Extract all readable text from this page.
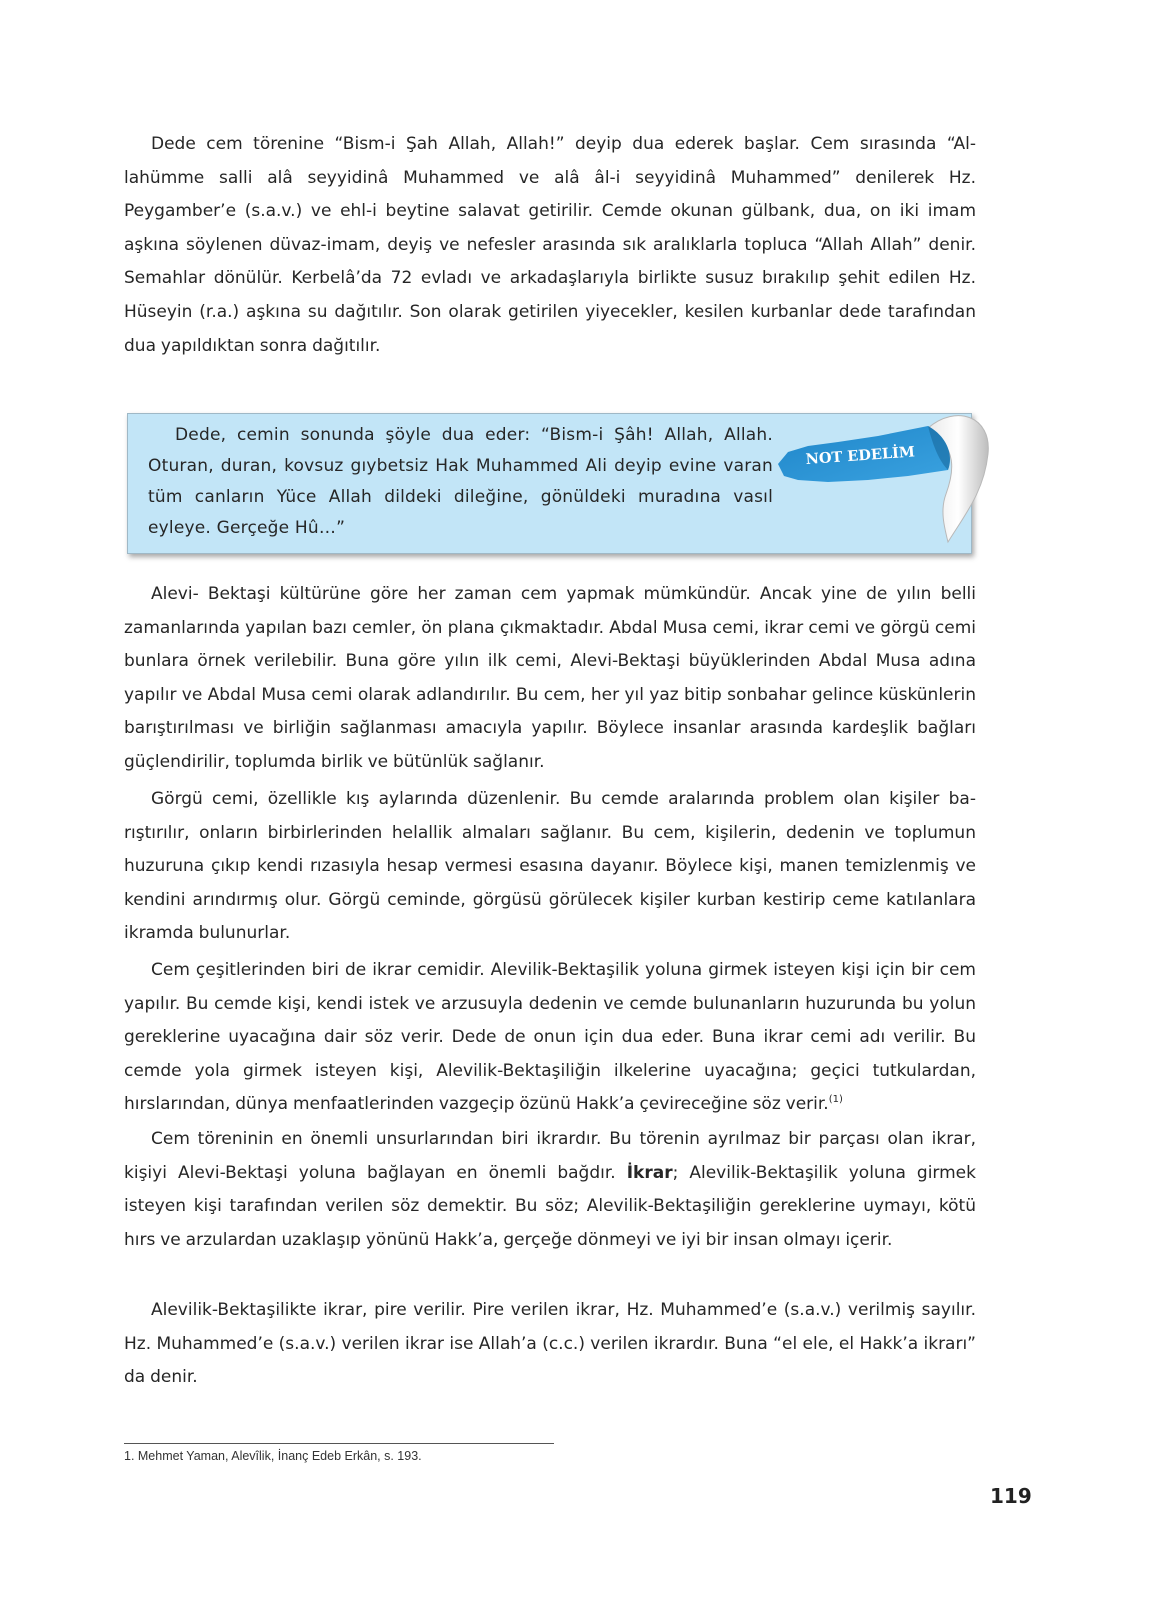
Dede cem törenine “Bism-i Şah Allah, Allah!” deyip dua ederek başlar. Cem sırasında “Allahümme salli alâ seyyidinâ Muhammed ve alâ âl-i seyyidinâ Muhammed” denilerek Hz. Peygamber’e (s.a.v.) ve ehl-i beytine salavat getirilir. Cemde okunan gülbank, dua, on iki imam aşkına söylenen düvaz-imam, deyiş ve nefesler arasında sık aralıklarla topluca “Allah Allah” denir. Semahlar dönülür. Kerbelâ’da 72 evladı ve arkadaşlarıyla birlikte susuz bırakılıp şehit edilen Hz. Hüseyin (r.a.) aşkına su dağıtılır. Son olarak getirilen yiyecekler, kesilen kurbanlar dede tarafından dua yapıldıktan sonra dağıtılır.

Dede, cemin sonunda şöyle dua eder: “Bism-i Şâh! Allah, Allah. Oturan, duran, kovsuz gıybetsiz Hak Muhammed Ali deyip evine varan tüm canların Yüce Allah dildeki dileğine, gönüldeki muradına vasıl eyleye. Gerçeğe Hû…”

NOT EDELİM

Alevi- Bektaşi kültürüne göre her zaman cem yapmak mümkündür. Ancak yine de yılın belli zamanlarında yapılan bazı cemler, ön plana çıkmaktadır. Abdal Musa cemi, ikrar cemi ve görgü cemi bunlara örnek verilebilir. Buna göre yılın ilk cemi, Alevi-Bektaşi büyüklerinden Abdal Musa adına yapılır ve Abdal Musa cemi olarak adlandırılır. Bu cem, her yıl yaz bitip sonbahar gelince küskünlerin barıştırılması ve birliğin sağlanması amacıyla yapılır. Böylece insanlar arasında kardeşlik bağları güçlendirilir, toplumda birlik ve bütünlük sağlanır.

Görgü cemi, özellikle kış aylarında düzenlenir. Bu cemde aralarında problem olan kişiler barıştırılır, onların birbirlerinden helallik almaları sağlanır. Bu cem, kişilerin, dedenin ve toplumun huzuruna çıkıp kendi rızasıyla hesap vermesi esasına dayanır. Böylece kişi, manen temizlenmiş ve kendini arındırmış olur. Görgü ceminde, görgüsü görülecek kişiler kurban kestirip ceme katılanlara ikramda bulunurlar.

Cem çeşitlerinden biri de ikrar cemidir. Alevilik-Bektaşilik yoluna girmek isteyen kişi için bir cem yapılır. Bu cemde kişi, kendi istek ve arzusuyla dedenin ve cemde bulunanların huzurunda bu yolun gereklerine uyacağına dair söz verir. Dede de onun için dua eder. Buna ikrar cemi adı verilir. Bu cemde yola girmek isteyen kişi, Alevilik-Bektaşiliğin ilkelerine uyacağına; geçici tutkulardan, hırslarından, dünya menfaatlerinden vazgeçip özünü Hakk’a çevireceğine söz verir.$^{(1)}$

Cem töreninin en önemli unsurlarından biri ikrardır. Bu törenin ayrılmaz bir parçası olan ikrar, kişiyi Alevi-Bektaşi yoluna bağlayan en önemli bağdır. İkrar; Alevilik-Bektaşilik yoluna girmek isteyen kişi tarafından verilen söz demektir. Bu söz; Alevilik-Bektaşiliğin gereklerine uymayı, kötü hırs ve arzulardan uzaklaşıp yönünü Hakk’a, gerçeğe dönmeyi ve iyi bir insan olmayı içerir.

Alevilik-Bektaşilikte ikrar, pire verilir. Pire verilen ikrar, Hz. Muhammed’e (s.a.v.) verilmiş sayılır. Hz. Muhammed’e (s.a.v.) verilen ikrar ise Allah’a (c.c.) verilen ikrardır. Buna “el ele, el Hakk’a ikrarı” da denir.

1. Mehmet Yaman, Alevîlik, İnanç Edeb Erkân, s. 193.

119
